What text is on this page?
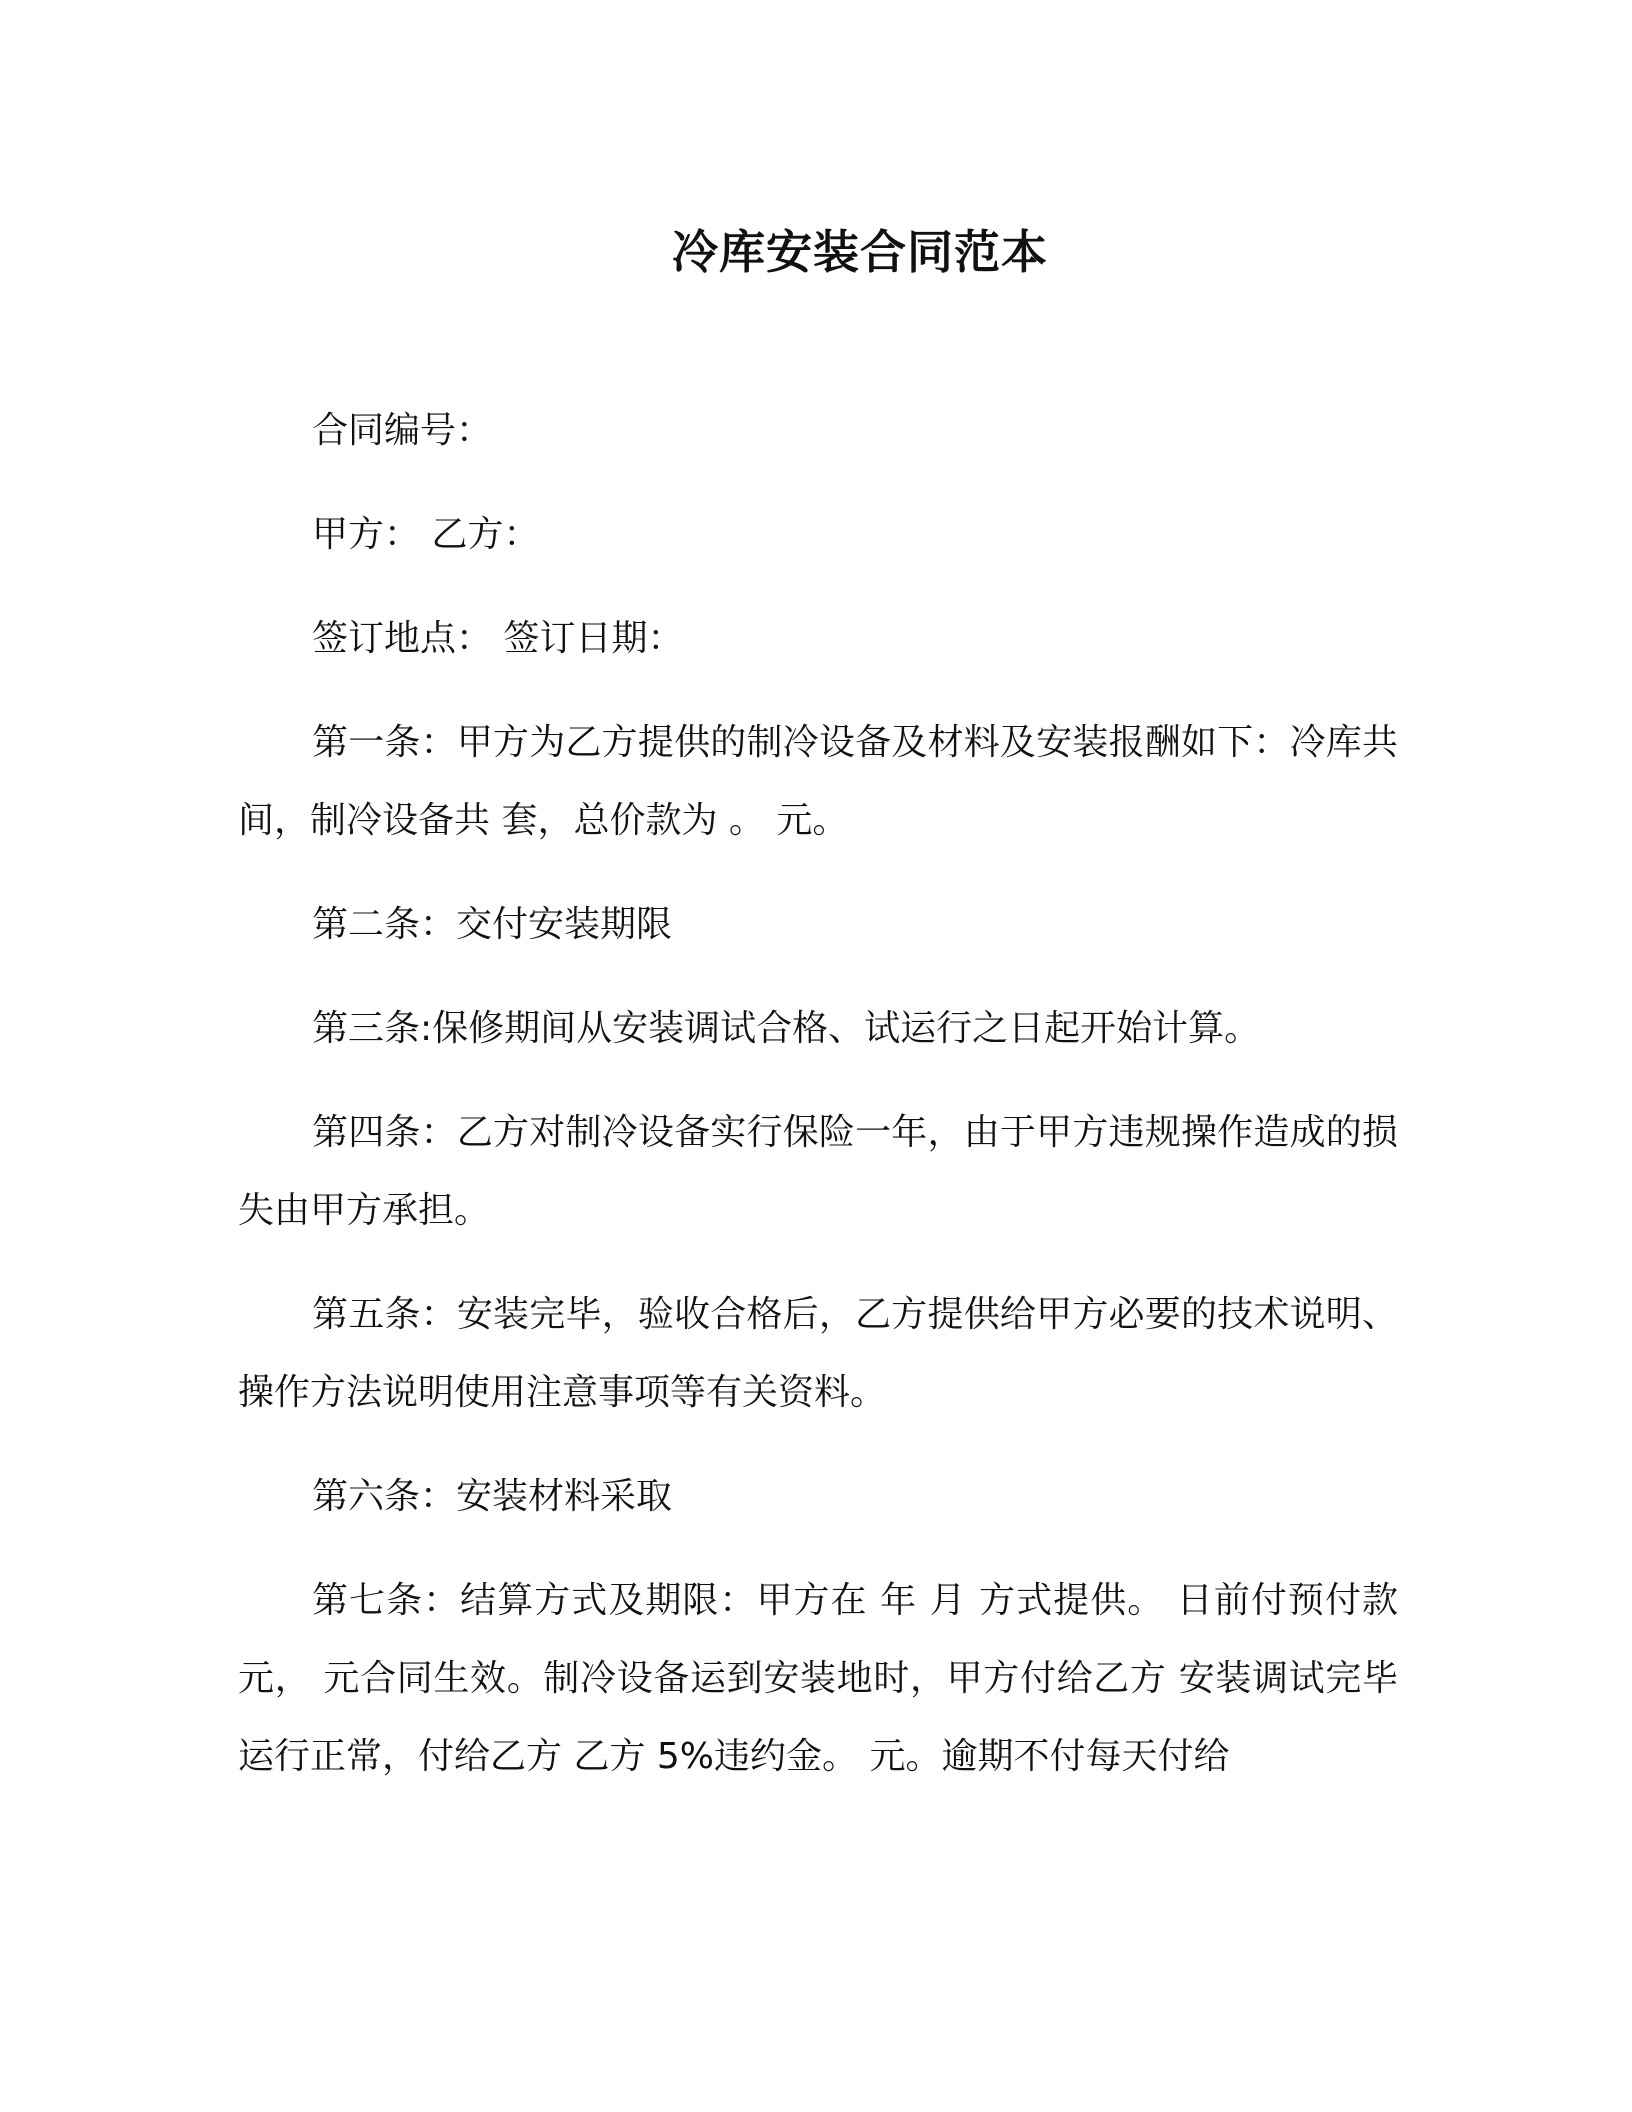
冷库安装合同范本

合同编号：

甲方： 乙方：

签订地点： 签订日期：

第一条：甲方为乙方提供的制冷设备及材料及安装报酬如下：冷库共 间，制冷设备共 套，总价款为 。 元。

第二条：交付安装期限

第三条:保修期间从安装调试合格、试运行之日起开始计算。

第四条：乙方对制冷设备实行保险一年，由于甲方违规操作造成的损失由甲方承担。

第五条：安装完毕，验收合格后，乙方提供给甲方必要的技术说明、操作方法说明使用注意事项等有关资料。

第六条：安装材料采取

第七条：结算方式及期限：甲方在 年 月 方式提供。 日前付预付款 元， 元合同生效。制冷设备运到安装地时，甲方付给乙方 安装调试完毕运行正常，付给乙方 乙方 5%违约金。 元。逾期不付每天付给
